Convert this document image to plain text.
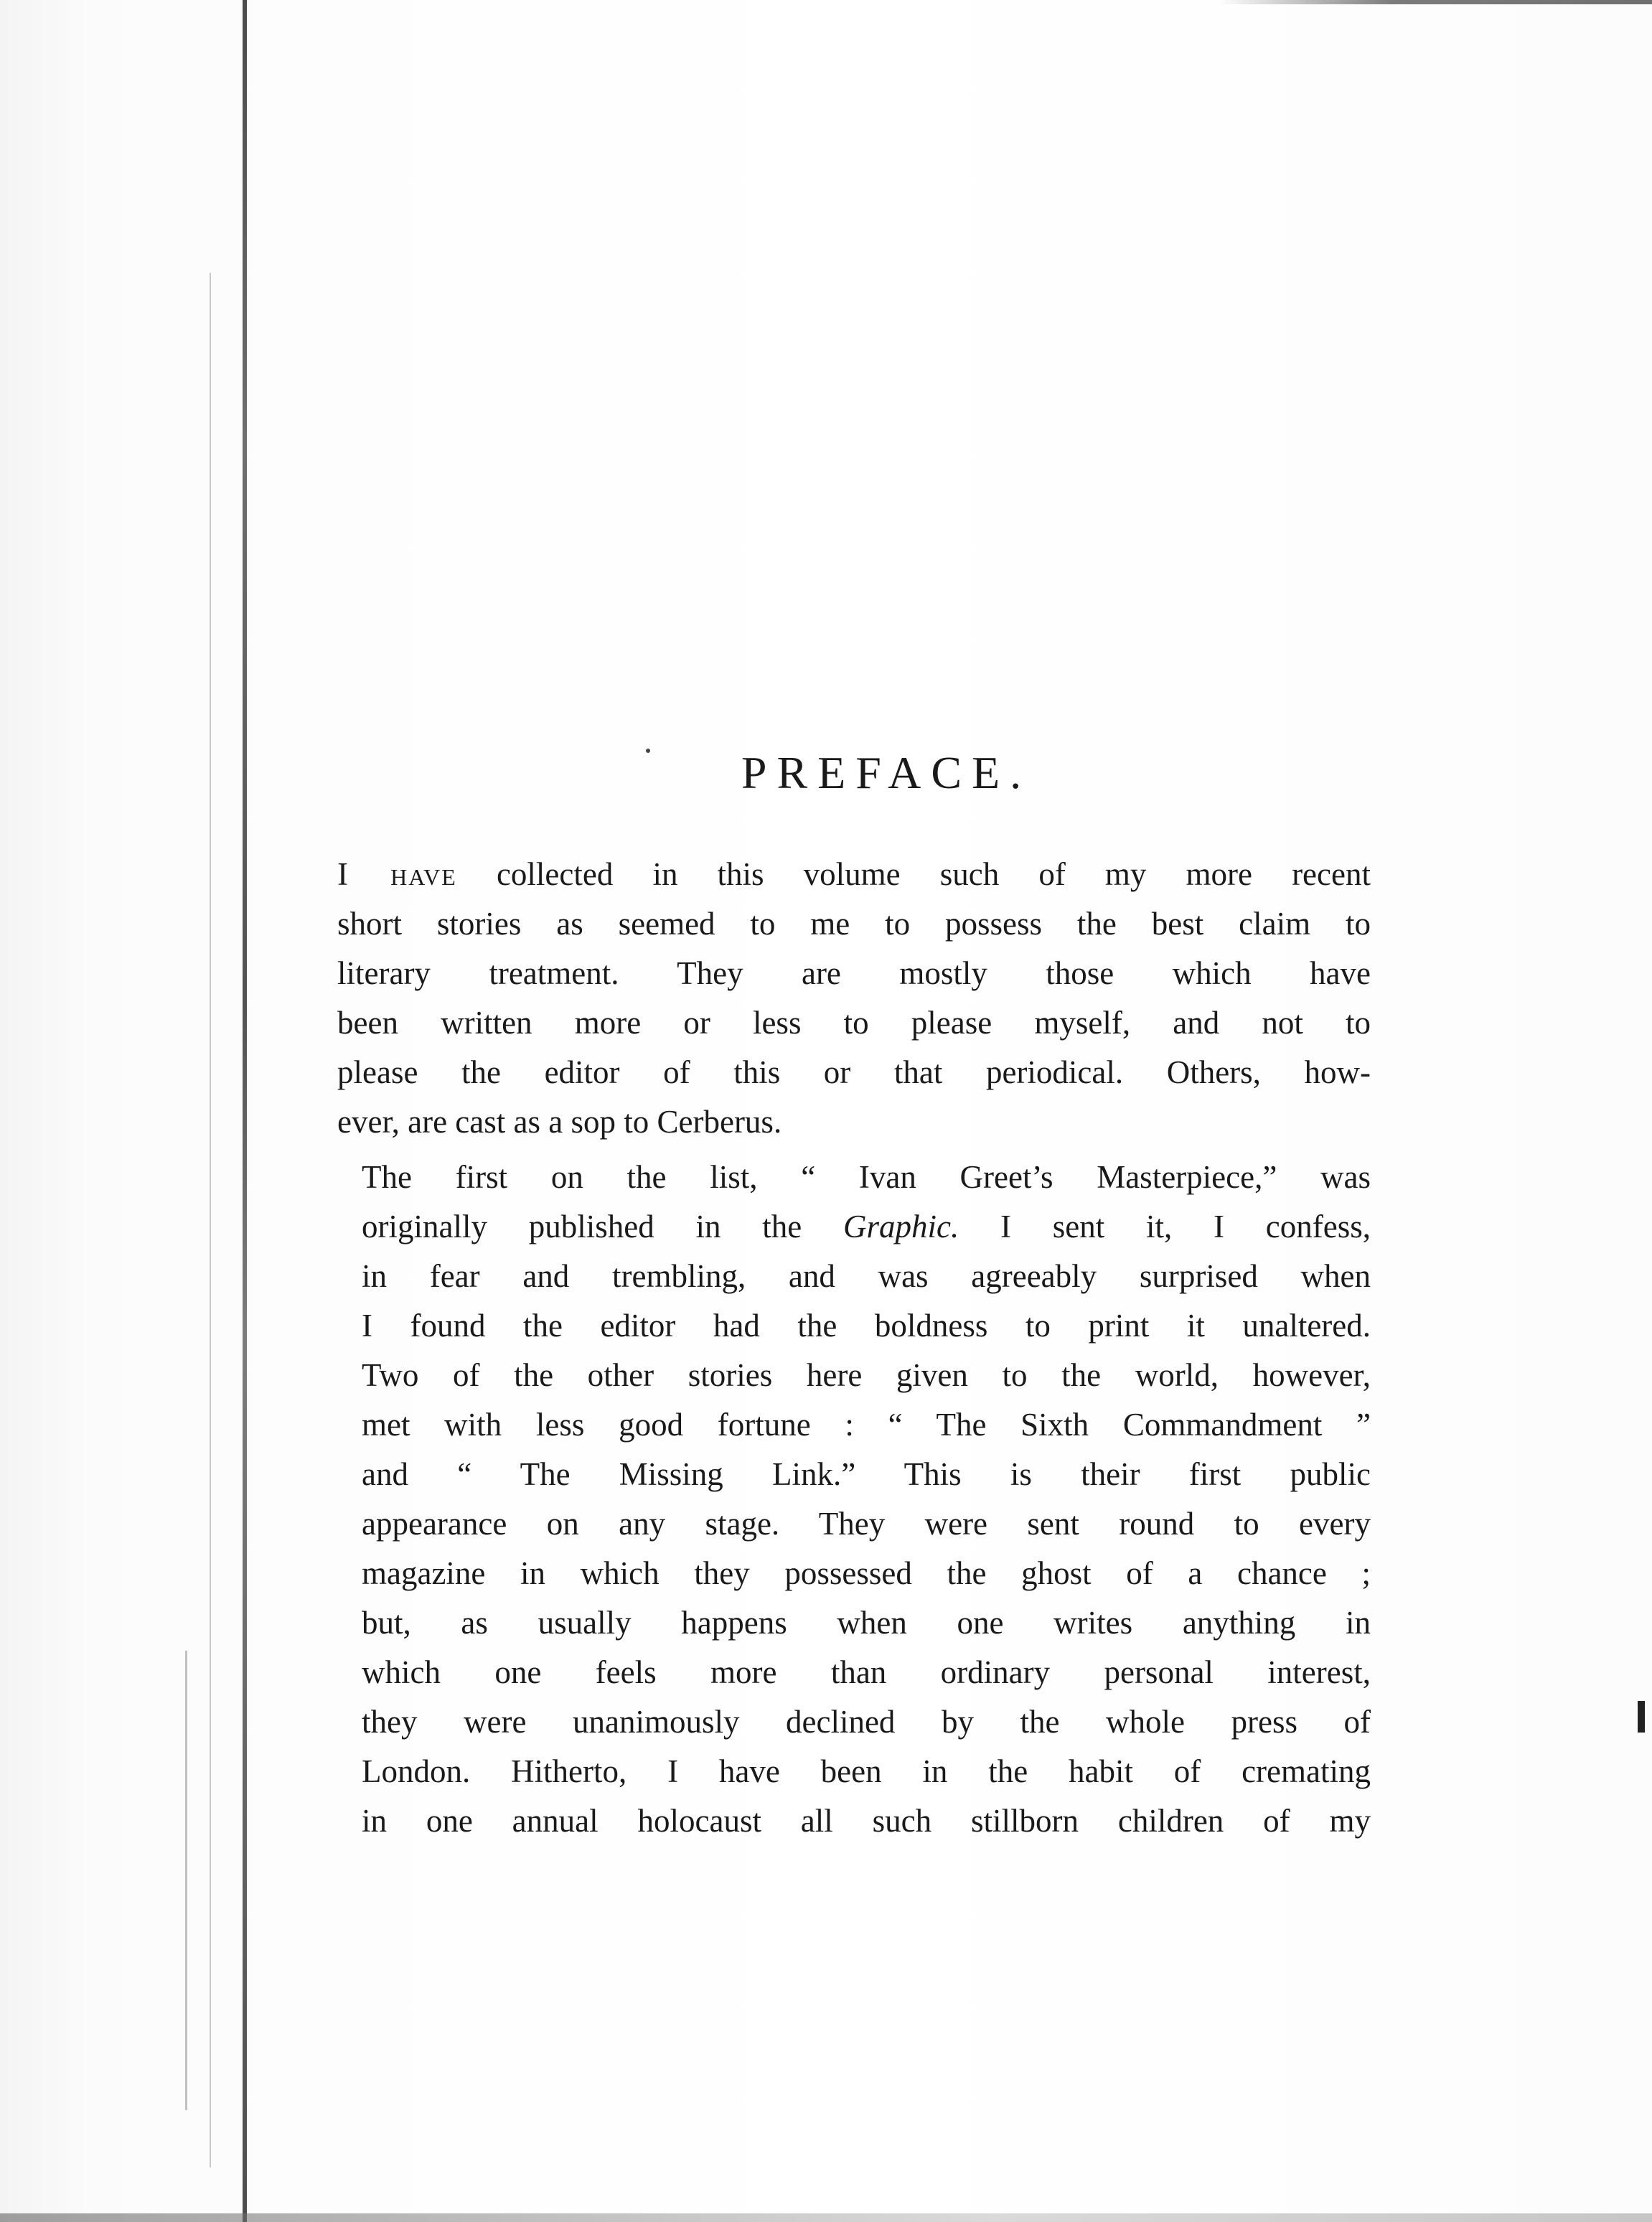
PREFACE.

I have collected in this volume such of my more recent
short stories as seemed to me to possess the best claim to
literary treatment. They are mostly those which have
been written more or less to please myself, and not to
please the editor of this or that periodical. Others, how-
ever, are cast as a sop to Cerberus.

The first on the list, “ Ivan Greet’s Masterpiece,” was
originally published in the Graphic. I sent it, I confess,
in fear and trembling, and was agreeably surprised when
I found the editor had the boldness to print it unaltered.
Two of the other stories here given to the world, however,
met with less good fortune : “ The Sixth Commandment ”
and “ The Missing Link.” This is their first public
appearance on any stage. They were sent round to every
magazine in which they possessed the ghost of a chance ;
but, as usually happens when one writes anything in
which one feels more than ordinary personal interest,
they were unanimously declined by the whole press of
London. Hitherto, I have been in the habit of cremating
in one annual holocaust all such stillborn children of my
